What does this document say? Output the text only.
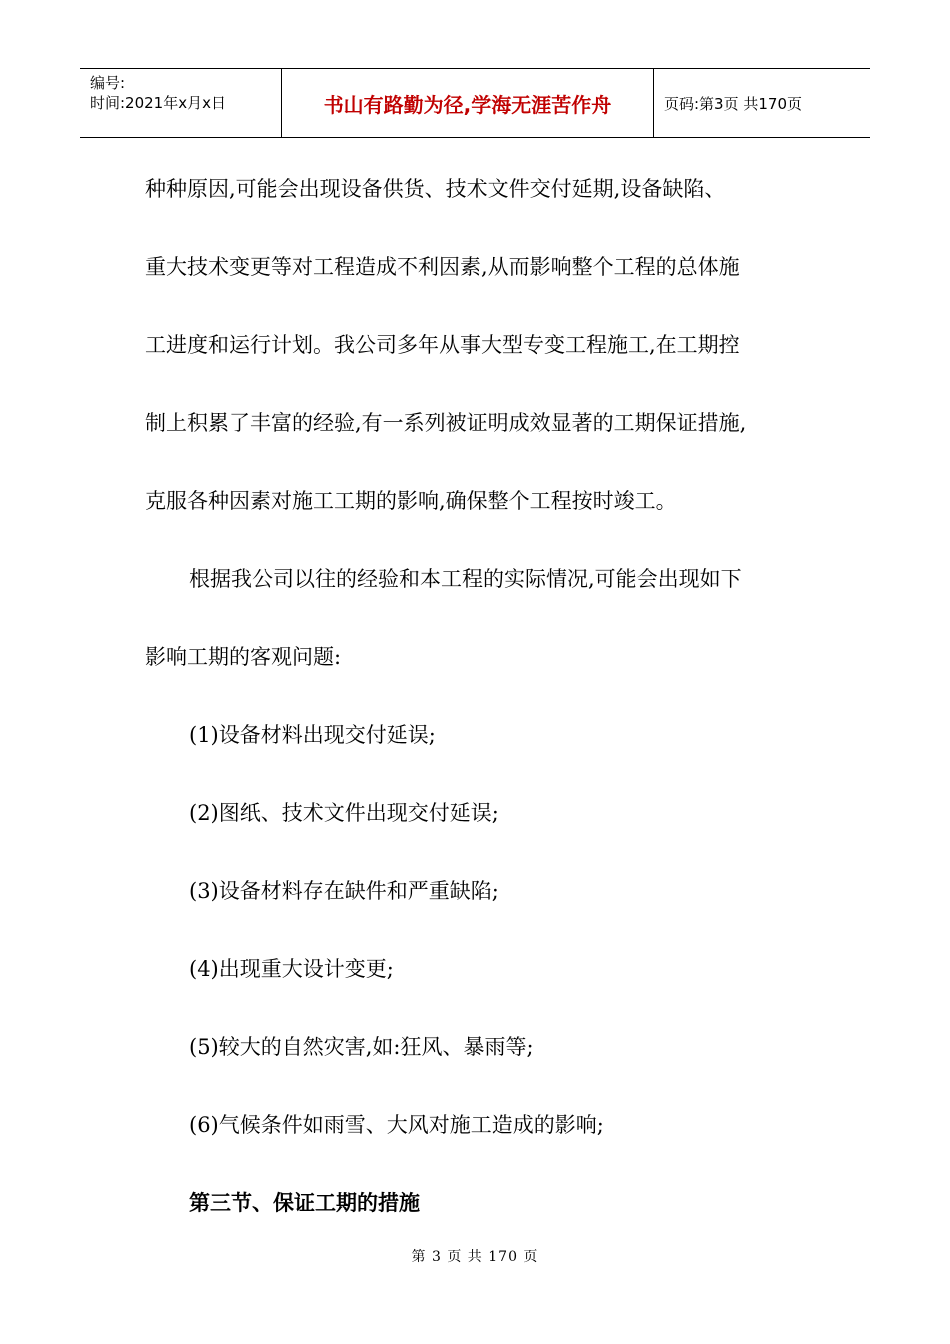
编号:
时间:2021年x月x日	书山有路勤为径,学海无涯苦作舟	页码:第3页 共170页

种种原因,可能会出现设备供货、技术文件交付延期,设备缺陷、

重大技术变更等对工程造成不利因素,从而影响整个工程的总体施

工进度和运行计划。我公司多年从事大型专变工程施工,在工期控

制上积累了丰富的经验,有一系列被证明成效显著的工期保证措施,

克服各种因素对施工工期的影响,确保整个工程按时竣工。

根据我公司以往的经验和本工程的实际情况,可能会出现如下

影响工期的客观问题:

(1)设备材料出现交付延误;

(2)图纸、技术文件出现交付延误;

(3)设备材料存在缺件和严重缺陷;

(4)出现重大设计变更;

(5)较大的自然灾害,如:狂风、暴雨等;

(6)气候条件如雨雪、大风对施工造成的影响;

第三节、保证工期的措施

第 3 页 共 170 页
